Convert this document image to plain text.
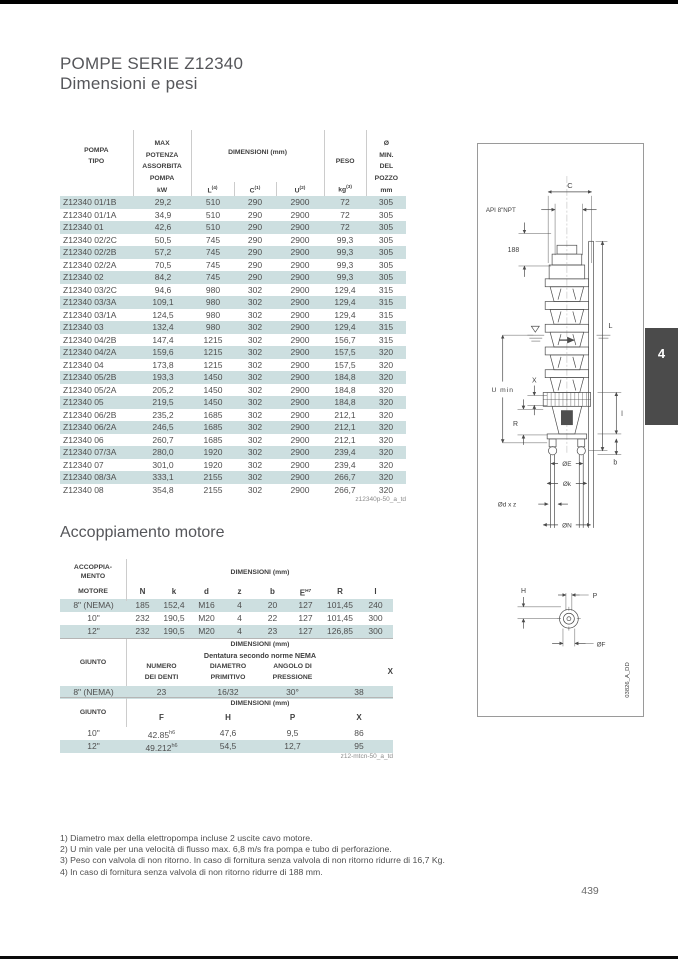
POMPE SERIE Z12340
Dimensioni e pesi
POMPA
TIPO
MAX
POTENZA
ASSORBITA
POMPA
kW
DIMENSIONI (mm)
$L^{(4)}$	$C^{(1)}$	$U^{(2)}$
PESO
$kg^{(3)}$
Ø
MIN.
DEL
POZZO
mm
Z12340 01/1B	29,2	510	290	2900	72	305
Z12340 01/1A	34,9	510	290	2900	72	305
Z12340 01	42,6	510	290	2900	72	305
Z12340 02/2C	50,5	745	290	2900	99,3	305
Z12340 02/2B	57,2	745	290	2900	99,3	305
Z12340 02/2A	70,5	745	290	2900	99,3	305
Z12340 02	84,2	745	290	2900	99,3	305
Z12340 03/2C	94,6	980	302	2900	129,4	315
Z12340 03/3A	109,1	980	302	2900	129,4	315
Z12340 03/1A	124,5	980	302	2900	129,4	315
Z12340 03	132,4	980	302	2900	129,4	315
Z12340 04/2B	147,4	1215	302	2900	156,7	315
Z12340 04/2A	159,6	1215	302	2900	157,5	320
Z12340 04	173,8	1215	302	2900	157,5	320
Z12340 05/2B	193,3	1450	302	2900	184,8	320
Z12340 05/2A	205,2	1450	302	2900	184,8	320
Z12340 05	219,5	1450	302	2900	184,8	320
Z12340 06/2B	235,2	1685	302	2900	212,1	320
Z12340 06/2A	246,5	1685	302	2900	212,1	320
Z12340 06	260,7	1685	302	2900	212,1	320
Z12340 07/3A	280,0	1920	302	2900	239,4	320
Z12340 07	301,0	1920	302	2900	239,4	320
Z12340 08/3A	333,1	2155	302	2900	266,7	320
Z12340 08	354,8	2155	302	2900	266,7	320
z12340p-50_a_td
Accoppiamento motore
ACCOPPIA-
MENTO
DIMENSIONI (mm)
MOTORE	N	k	d	z	b	$E^{H7}$	R	l
8" (NEMA)	185	152,4	M16	4	20	127	101,45	240
10"	232	190,5	M20	4	22	127	101,45	300
12"	232	190,5	M20	4	23	127	126,85	300
GIUNTO
DIMENSIONI (mm)
Dentatura secondo norme NEMA
NUMERO
DEI DENTI
DIAMETRO
PRIMITIVO
ANGOLO DI
PRESSIONE
X
8" (NEMA)	23	16/32	30°	38
GIUNTO
DIMENSIONI (mm)
F	H	P	X
10"	$42.85^{h6}$	47,6	9,5	86
12"	$49.212^{h6}$	54,5	12,7	95
z12-mtcn-50_a_td
C
API 8"NPT
188
L
l
b
U min
X
R
ØE
Øk
Ød x z
ØN
H
P
ØF
03826_A_DD
4
1) Diametro max della elettropompa incluse 2 uscite cavo motore.
2) U min vale per una velocità di flusso max. 6,8 m/s fra pompa e tubo di perforazione.
3) Peso con valvola di non ritorno. In caso di fornitura senza valvola di non ritorno ridurre di 16,7 Kg.
4) In caso di fornitura senza valvola di non ritorno ridurre di 188 mm.
439
